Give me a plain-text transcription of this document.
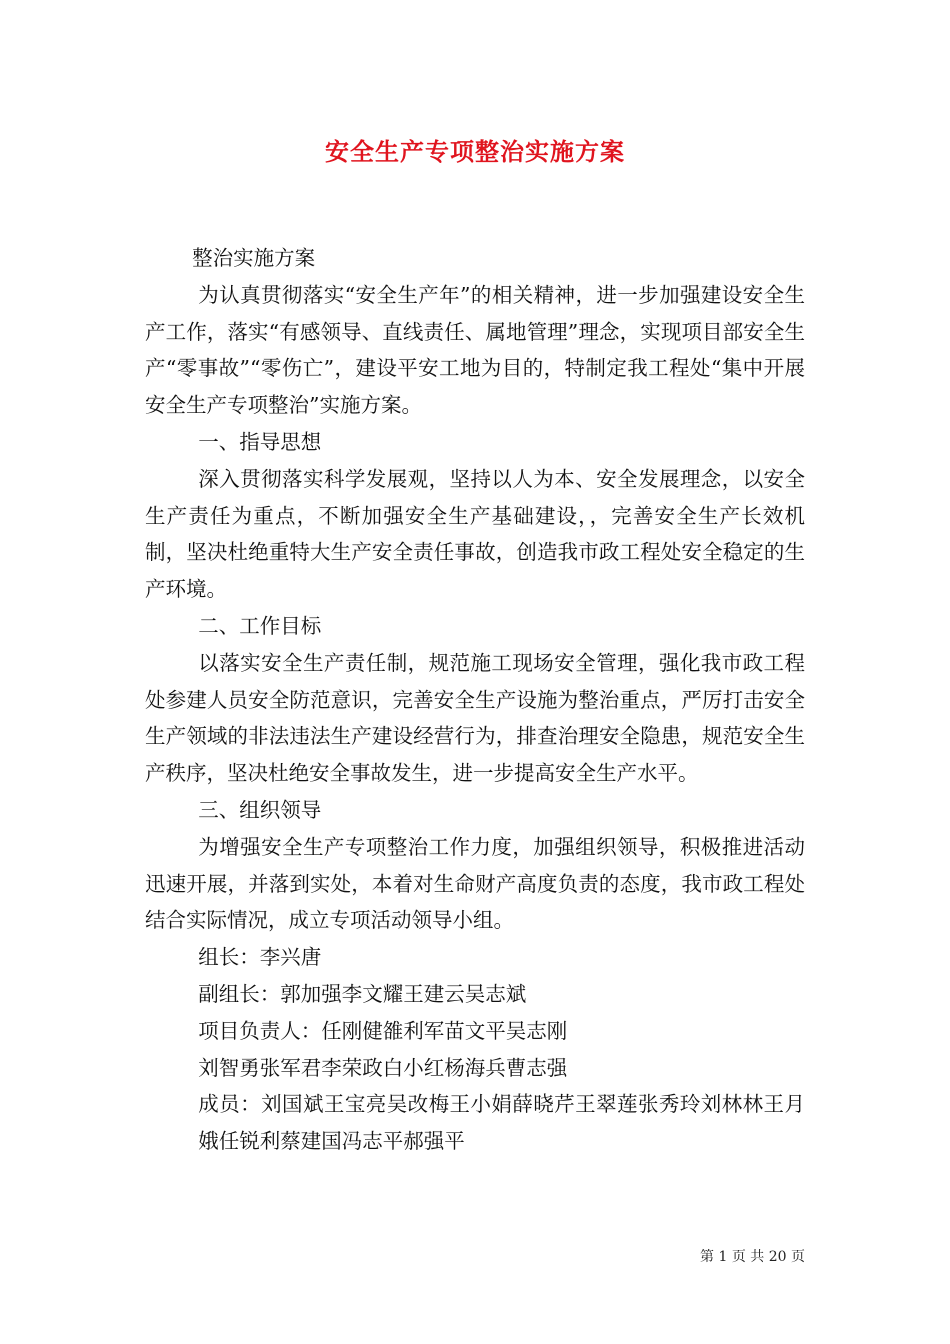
安全生产专项整治实施方案

整治实施方案

为认真贯彻落实“安全生产年”的相关精神，进一步加强建设安全生产工作，落实“有感领导、直线责任、属地管理”理念，实现项目部安全生产“零事故”“零伤亡”，建设平安工地为目的，特制定我工程处“集中开展安全生产专项整治”实施方案。

一、指导思想

深入贯彻落实科学发展观，坚持以人为本、安全发展理念，以安全生产责任为重点，不断加强安全生产基础建设，，完善安全生产长效机制，坚决杜绝重特大生产安全责任事故，创造我市政工程处安全稳定的生产环境。

二、工作目标

以落实安全生产责任制，规范施工现场安全管理，强化我市政工程处参建人员安全防范意识，完善安全生产设施为整治重点，严厉打击安全生产领域的非法违法生产建设经营行为，排查治理安全隐患，规范安全生产秩序，坚决杜绝安全事故发生，进一步提高安全生产水平。

三、组织领导

为增强安全生产专项整治工作力度，加强组织领导，积极推进活动迅速开展，并落到实处，本着对生命财产高度负责的态度，我市政工程处结合实际情况，成立专项活动领导小组。

组长：李兴唐

副组长：郭加强李文耀王建云吴志斌

项目负责人：任刚健雒利军苗文平吴志刚

刘智勇张军君李荣政白小红杨海兵曹志强

成员：刘国斌王宝亮吴改梅王小娟薛晓芹王翠莲张秀玲刘林林王月娥任锐利蔡建国冯志平郝强平

第 1 页 共 20 页
